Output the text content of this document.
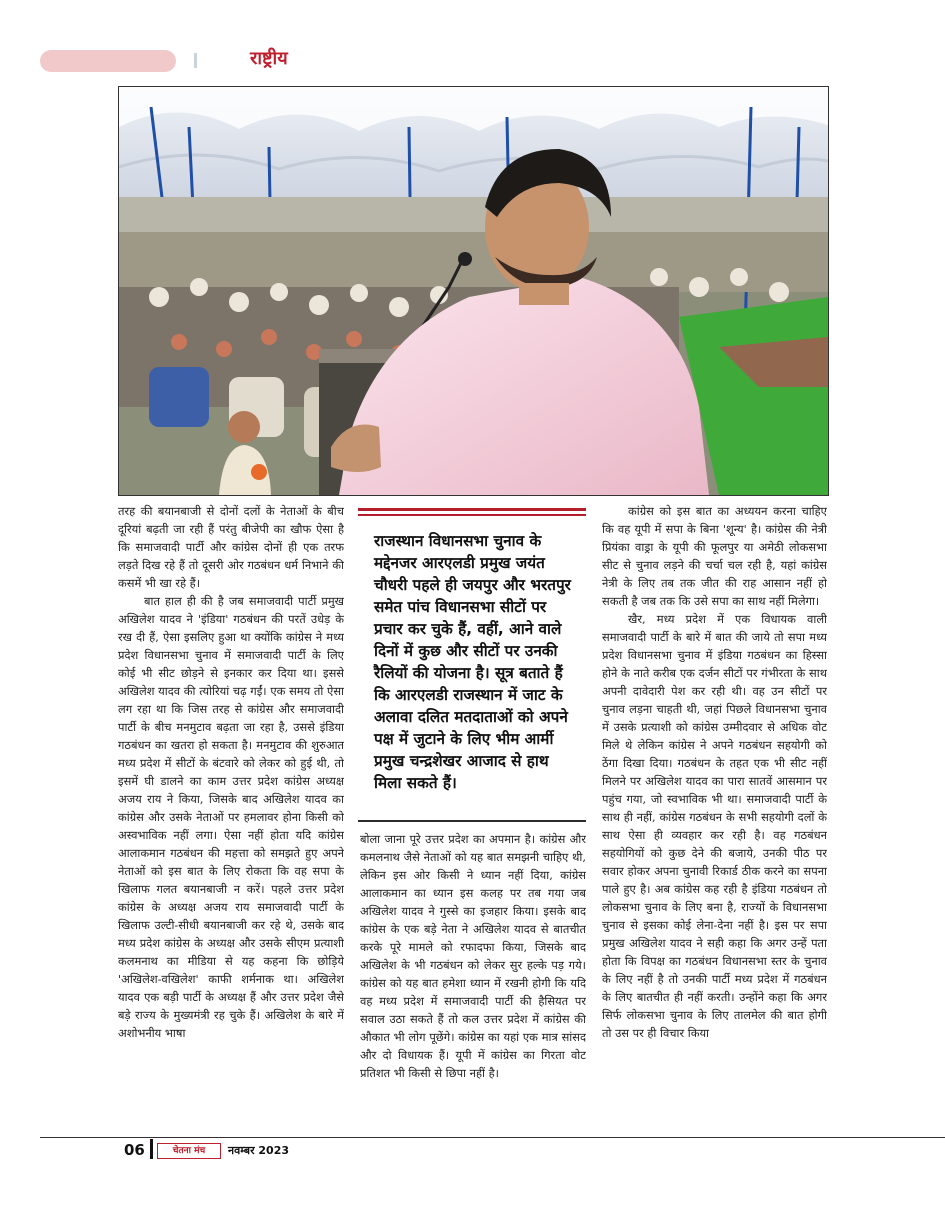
राष्ट्रीय

तरह की बयानबाजी से दोनों दलों के नेताओं के बीच दूरियां बढ़ती जा रही हैं परंतु बीजेपी का खौफ ऐसा है कि समाजवादी पार्टी और कांग्रेस दोनों ही एक तरफ लड़ते दिख रहे हैं तो दूसरी ओर गठबंधन धर्म निभाने की कसमें भी खा रहे हैं।

बात हाल ही की है जब समाजवादी पार्टी प्रमुख अखिलेश यादव ने 'इंडिया' गठबंधन की परतें उधेड़ के रख दी हैं, ऐसा इसलिए हुआ था क्योंकि कांग्रेस ने मध्य प्रदेश विधानसभा चुनाव में समाजवादी पार्टी के लिए कोई भी सीट छोड़ने से इनकार कर दिया था। इससे अखिलेश यादव की त्योरियां चढ़ गईं। एक समय तो ऐसा लग रहा था कि जिस तरह से कांग्रेस और समाजवादी पार्टी के बीच मनमुटाव बढ़ता जा रहा है, उससे इंडिया गठबंधन का खतरा हो सकता है। मनमुटाव की शुरुआत मध्य प्रदेश में सीटों के बंटवारे को लेकर को हुई थी, तो इसमें घी डालने का काम उत्तर प्रदेश कांग्रेस अध्यक्ष अजय राय ने किया, जिसके बाद अखिलेश यादव का कांग्रेस और उसके नेताओं पर हमलावर होना किसी को अस्वभाविक नहीं लगा। ऐसा नहीं होता यदि कांग्रेस आलाकमान गठबंधन की महत्ता को समझते हुए अपने नेताओं को इस बात के लिए रोकता कि वह सपा के खिलाफ गलत बयानबाजी न करें। पहले उत्तर प्रदेश कांग्रेस के अध्यक्ष अजय राय समाजवादी पार्टी के खिलाफ उल्टी-सीधी बयानबाजी कर रहे थे, उसके बाद मध्य प्रदेश कांग्रेस के अध्यक्ष और उसके सीएम प्रत्याशी कलमनाथ का मीडिया से यह कहना कि छोड़िये 'अखिलेश-वखिलेश' काफी शर्मनाक था। अखिलेश यादव एक बड़ी पार्टी के अध्यक्ष हैं और उत्तर प्रदेश जैसे बड़े राज्य के मुख्यमंत्री रह चुके हैं। अखिलेश के बारे में अशोभनीय भाषा

राजस्थान विधानसभा चुनाव के मद्देनजर आरएलडी प्रमुख जयंत चौधरी पहले ही जयपुर और भरतपुर समेत पांच विधानसभा सीटों पर प्रचार कर चुके हैं, वहीं, आने वाले दिनों में कुछ और सीटों पर उनकी रैलियों की योजना है। सूत्र बताते हैं कि आरएलडी राजस्थान में जाट के अलावा दलित मतदाताओं को अपने पक्ष में जुटाने के लिए भीम आर्मी प्रमुख चन्द्रशेखर आजाद से हाथ मिला सकते हैं।

बोला जाना पूरे उत्तर प्रदेश का अपमान है। कांग्रेस और कमलनाथ जैसे नेताओं को यह बात समझनी चाहिए थी, लेकिन इस ओर किसी ने ध्यान नहीं दिया, कांग्रेस आलाकमान का ध्यान इस कलह पर तब गया जब अखिलेश यादव ने गुस्से का इजहार किया। इसके बाद कांग्रेस के एक बड़े नेता ने अखिलेश यादव से बातचीत करके पूरे मामले को रफादफा किया, जिसके बाद अखिलेश के भी गठबंधन को लेकर सुर हल्के पड़ गये। कांग्रेस को यह बात हमेशा ध्यान में रखनी होगी कि यदि वह मध्य प्रदेश में समाजवादी पार्टी की हैसियत पर सवाल उठा सकते हैं तो कल उत्तर प्रदेश में कांग्रेस की औकात भी लोग पूछेंगे। कांग्रेस का यहां एक मात्र सांसद और दो विधायक हैं। यूपी में कांग्रेस का गिरता वोट प्रतिशत भी किसी से छिपा नहीं है।

कांग्रेस को इस बात का अध्ययन करना चाहिए कि वह यूपी में सपा के बिना 'शून्य' है। कांग्रेस की नेत्री प्रियंका वाड्रा के यूपी की फूलपुर या अमेठी लोकसभा सीट से चुनाव लड़ने की चर्चा चल रही है, यहां कांग्रेस नेत्री के लिए तब तक जीत की राह आसान नहीं हो सकती है जब तक कि उसे सपा का साथ नहीं मिलेगा।

खैर, मध्य प्रदेश में एक विधायक वाली समाजवादी पार्टी के बारे में बात की जाये तो सपा मध्य प्रदेश विधानसभा चुनाव में इंडिया गठबंधन का हिस्सा होने के नाते करीब एक दर्जन सीटों पर गंभीरता के साथ अपनी दावेदारी पेश कर रही थी। वह उन सीटों पर चुनाव लड़ना चाहती थी, जहां पिछले विधानसभा चुनाव में उसके प्रत्याशी को कांग्रेस उम्मीदवार से अधिक वोट मिले थे लेकिन कांग्रेस ने अपने गठबंधन सहयोगी को ठेंगा दिखा दिया। गठबंधन के तहत एक भी सीट नहीं मिलने पर अखिलेश यादव का पारा सातवें आसमान पर पहुंच गया, जो स्वभाविक भी था। समाजवादी पार्टी के साथ ही नहीं, कांग्रेस गठबंधन के सभी सहयोगी दलों के साथ ऐसा ही व्यवहार कर रही है। वह गठबंधन सहयोगियों को कुछ देने की बजाये, उनकी पीठ पर सवार होकर अपना चुनावी रिकार्ड ठीक करने का सपना पाले हुए है। अब कांग्रेस कह रही है इंडिया गठबंधन तो लोकसभा चुनाव के लिए बना है, राज्यों के विधानसभा चुनाव से इसका कोई लेना-देना नहीं है। इस पर सपा प्रमुख अखिलेश यादव ने सही कहा कि अगर उन्हें पता होता कि विपक्ष का गठबंधन विधानसभा स्तर के चुनाव के लिए नहीं है तो उनकी पार्टी मध्य प्रदेश में गठबंधन के लिए बातचीत ही नहीं करती। उन्होंने कहा कि अगर सिर्फ लोकसभा चुनाव के लिए तालमेल की बात होगी तो उस पर ही विचार किया

06	चेतना मंच	नवम्बर 2023
